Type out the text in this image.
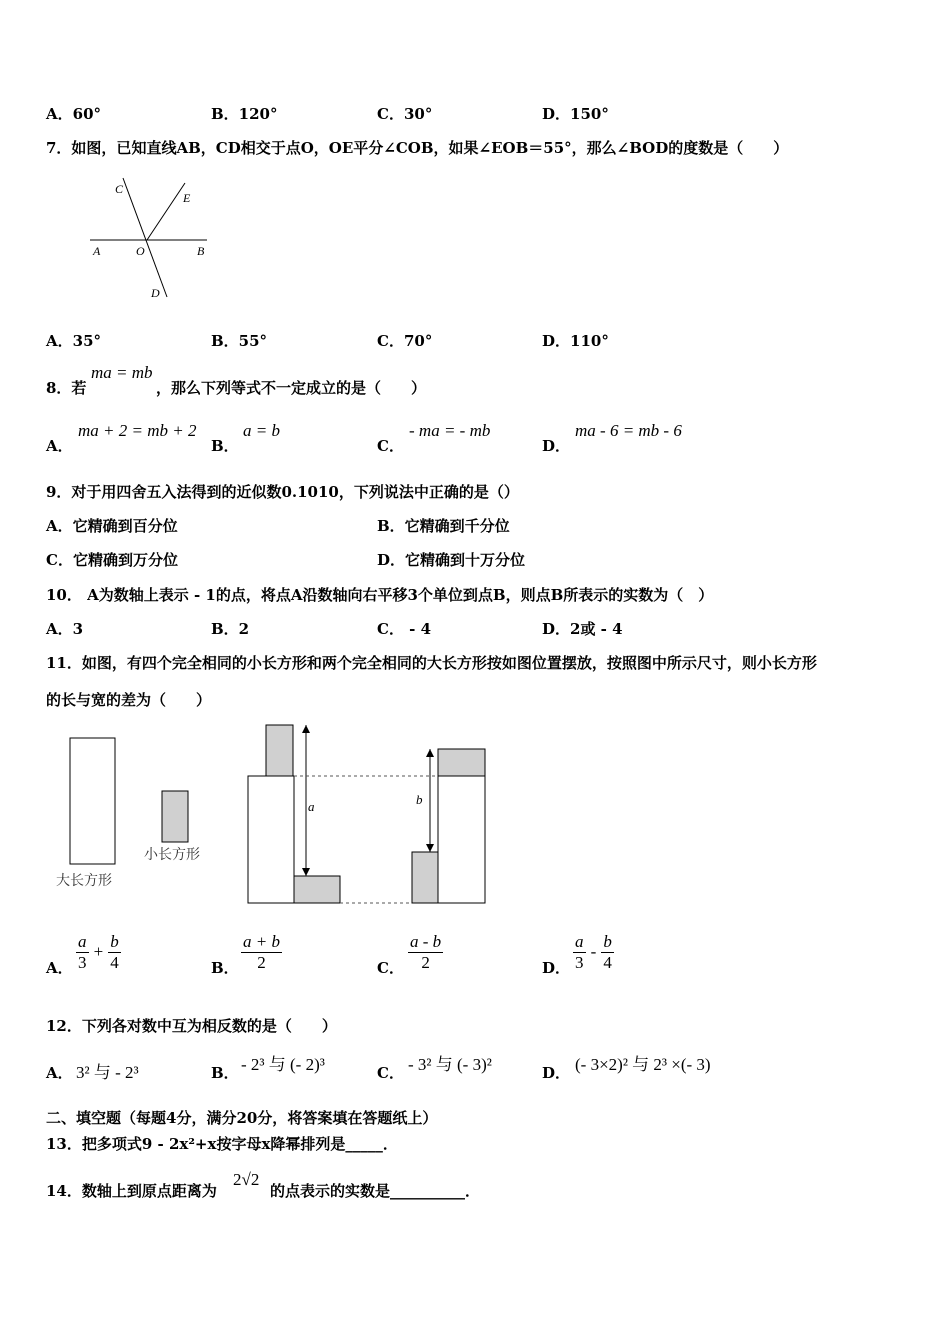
A．60°	B．120°	C．30°	D．150°
7．如图，已知直线AB，CD相交于点O，OE平分∠COB，如果∠EOB＝55°，那么∠BOD的度数是（　　）
C
E
A	O	B
D
A．35°	B．55°	C．70°	D．110°
8．若
ma = mb
，那么下列等式不一定成立的是（　　）
A．
ma + 2 = mb + 2
B．
a = b
C．
- ma = - mb
D．
ma - 6 = mb - 6
9．对于用四舍五入法得到的近似数0.1010，下列说法中正确的是（）
A．它精确到百分位	B．它精确到千分位
C．它精确到万分位	D．它精确到十万分位
10． A为数轴上表示 - 1的点，将点A沿数轴向右平移3个单位到点B，则点B所表示的实数为（　）
A．3	B．2	C． - 4	D．2或 - 4
11．如图，有四个完全相同的小长方形和两个完全相同的大长方形按如图位置摆放，按照图中所示尺寸，则小长方形
的长与宽的差为（　　）
大长方形
小长方形
a	b
A． $\frac{a}{3} + \frac{b}{4}$	B． $\frac{a + b}{2}$	C． $\frac{a - b}{2}$	D． $\frac{a}{3} - \frac{b}{4}$
12．下列各对数中互为相反数的是（　　）
A． 3² 与 - 2³	B． - 2³ 与 (- 2)³	C． - 3² 与 (- 3)²	D． (- 3×2)² 与 2³ ×(- 3)
二、填空题（每题4分，满分20分，将答案填在答题纸上）
13．把多项式9 - 2x²+x按字母x降幂排列是_____．
14．数轴上到原点距离为
2√2
的点表示的实数是__________．
